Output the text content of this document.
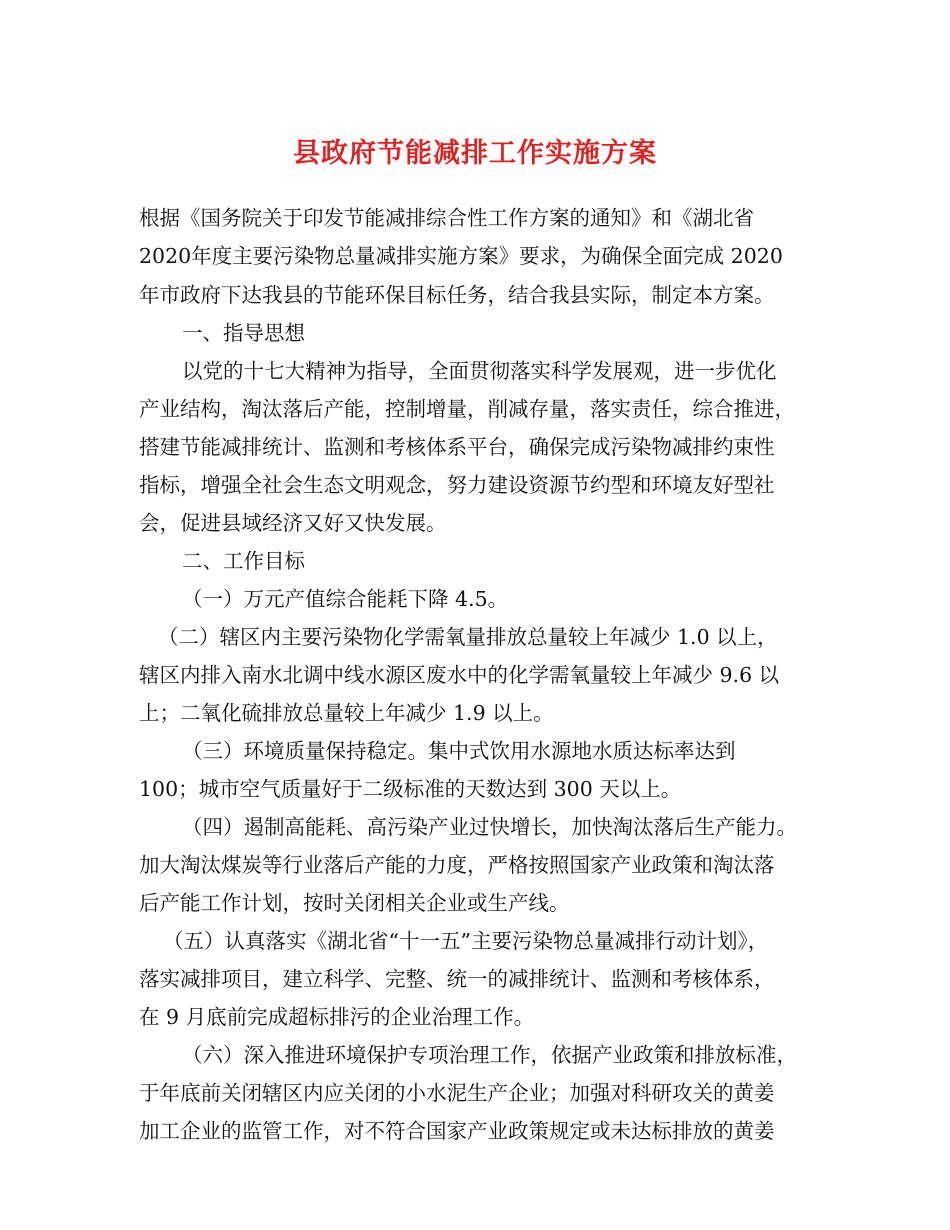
县政府节能减排工作实施方案
根据《国务院关于印发节能减排综合性工作方案的通知》和《湖北省
2020年度主要污染物总量减排实施方案》要求，为确保全面完成 2020
年市政府下达我县的节能环保目标任务，结合我县实际，制定本方案。
一、指导思想
以党的十七大精神为指导，全面贯彻落实科学发展观，进一步优化
产业结构，淘汰落后产能，控制增量，削减存量，落实责任，综合推进，
搭建节能减排统计、监测和考核体系平台，确保完成污染物减排约束性
指标，增强全社会生态文明观念，努力建设资源节约型和环境友好型社
会，促进县域经济又好又快发展。
二、工作目标
（一）万元产值综合能耗下降 4.5。
（二）辖区内主要污染物化学需氧量排放总量较上年减少 1.0 以上，
辖区内排入南水北调中线水源区废水中的化学需氧量较上年减少 9.6 以
上；二氧化硫排放总量较上年减少 1.9 以上。
（三）环境质量保持稳定。集中式饮用水源地水质达标率达到
100；城市空气质量好于二级标准的天数达到 300 天以上。
（四）遏制高能耗、高污染产业过快增长，加快淘汰落后生产能力。
加大淘汰煤炭等行业落后产能的力度，严格按照国家产业政策和淘汰落
后产能工作计划，按时关闭相关企业或生产线。
（五）认真落实《湖北省“十一五”主要污染物总量减排行动计划》，
落实减排项目，建立科学、完整、统一的减排统计、监测和考核体系，
在 9 月底前完成超标排污的企业治理工作。
（六）深入推进环境保护专项治理工作，依据产业政策和排放标准，
于年底前关闭辖区内应关闭的小水泥生产企业；加强对科研攻关的黄姜
加工企业的监管工作，对不符合国家产业政策规定或未达标排放的黄姜
